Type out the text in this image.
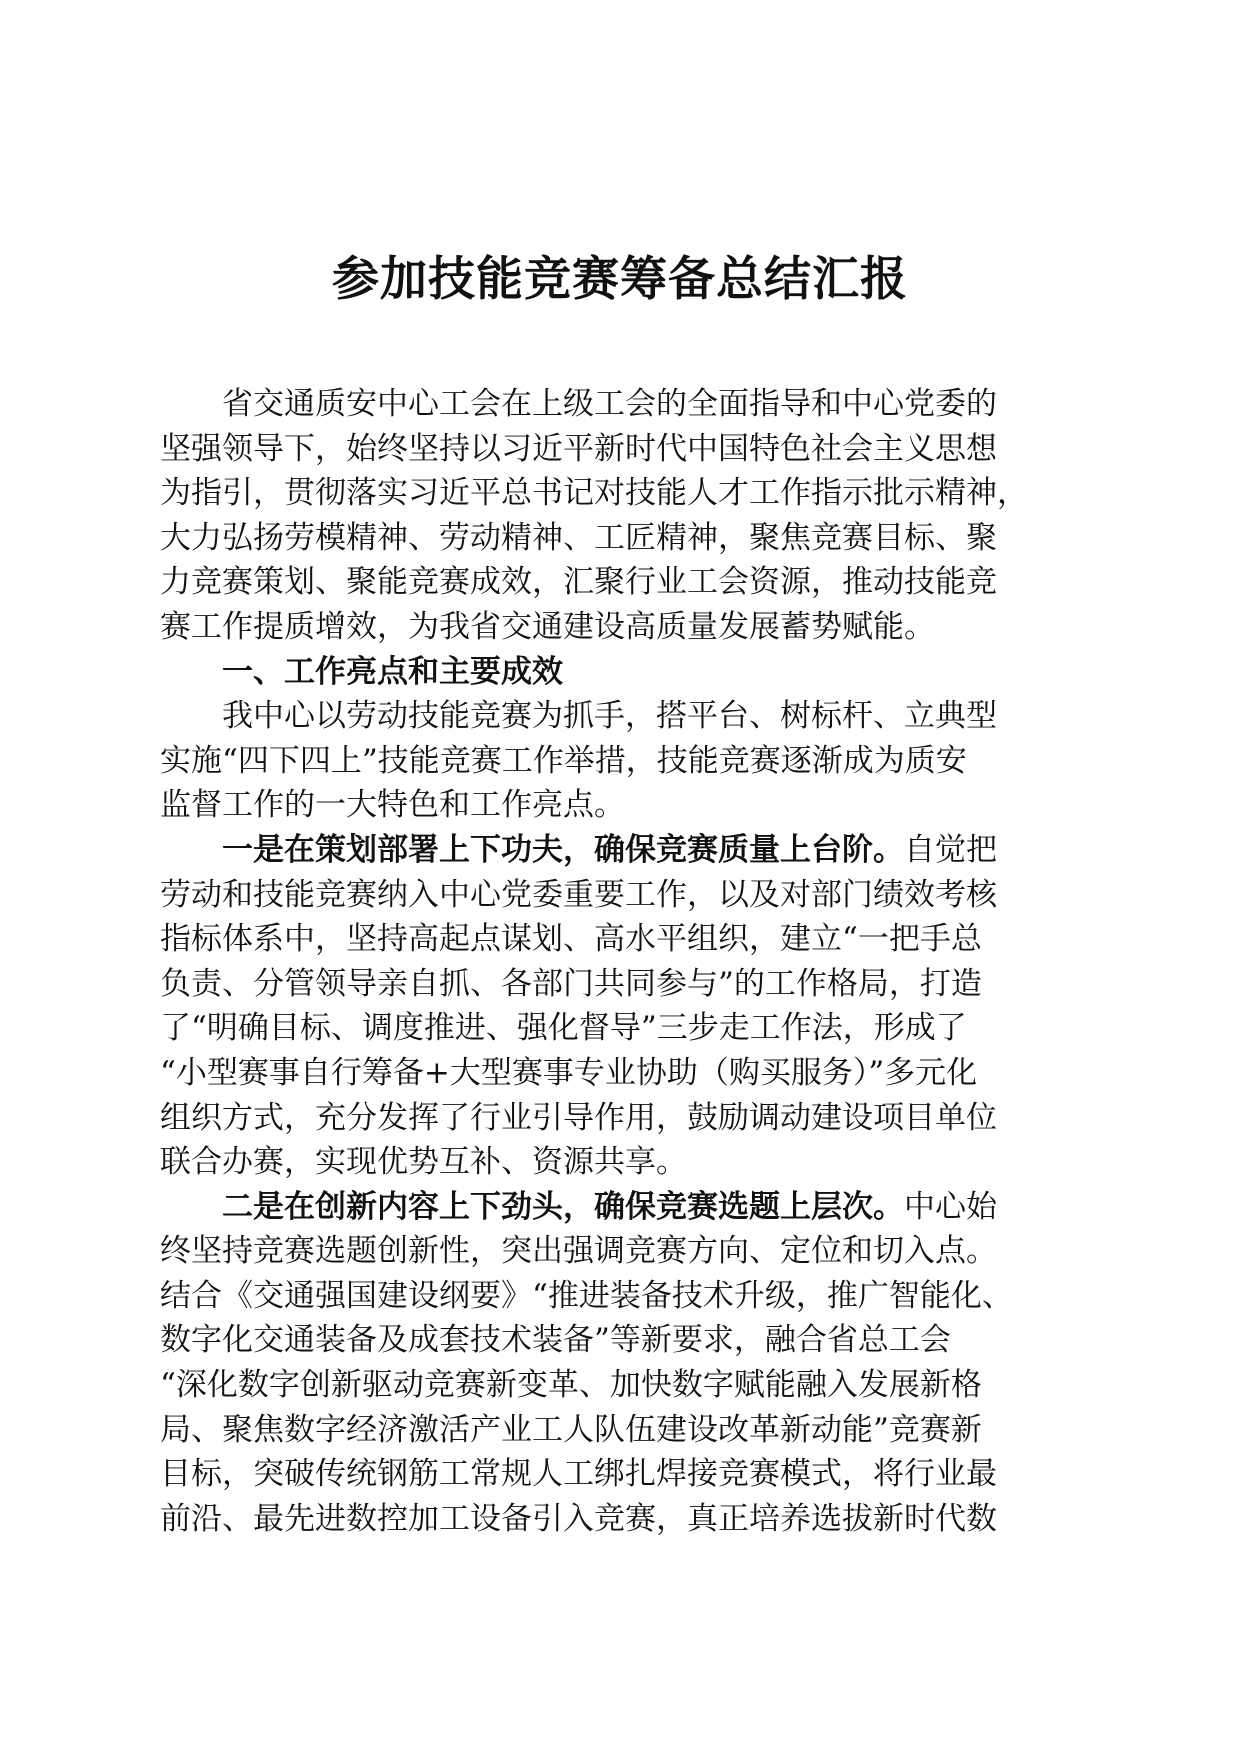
参加技能竞赛筹备总结汇报
省交通质安中心工会在上级工会的全面指导和中心党委的
坚强领导下，始终坚持以习近平新时代中国特色社会主义思想
为指引，贯彻落实习近平总书记对技能人才工作指示批示精神，
大力弘扬劳模精神、劳动精神、工匠精神，聚焦竞赛目标、聚
力竞赛策划、聚能竞赛成效，汇聚行业工会资源，推动技能竞
赛工作提质增效，为我省交通建设高质量发展蓄势赋能。
一、工作亮点和主要成效
我中心以劳动技能竞赛为抓手，搭平台、树标杆、立典型
实施“四下四上”技能竞赛工作举措，技能竞赛逐渐成为质安
监督工作的一大特色和工作亮点。
一是在策划部署上下功夫，确保竞赛质量上台阶。自觉把
劳动和技能竞赛纳入中心党委重要工作，以及对部门绩效考核
指标体系中，坚持高起点谋划、高水平组织，建立“一把手总
负责、分管领导亲自抓、各部门共同参与”的工作格局，打造
了“明确目标、调度推进、强化督导”三步走工作法，形成了
“小型赛事自行筹备+大型赛事专业协助（购买服务）”多元化
组织方式，充分发挥了行业引导作用，鼓励调动建设项目单位
联合办赛，实现优势互补、资源共享。
二是在创新内容上下劲头，确保竞赛选题上层次。中心始
终坚持竞赛选题创新性，突出强调竞赛方向、定位和切入点。
结合《交通强国建设纲要》“推进装备技术升级，推广智能化、
数字化交通装备及成套技术装备”等新要求，融合省总工会
“深化数字创新驱动竞赛新变革、加快数字赋能融入发展新格
局、聚焦数字经济激活产业工人队伍建设改革新动能”竞赛新
目标，突破传统钢筋工常规人工绑扎焊接竞赛模式，将行业最
前沿、最先进数控加工设备引入竞赛，真正培养选拔新时代数
